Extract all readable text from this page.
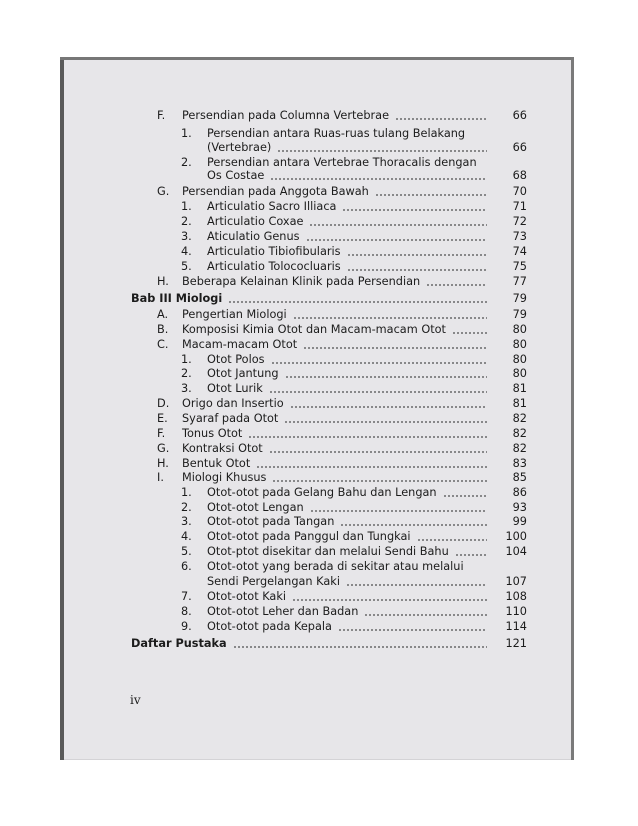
F. Persendian pada Columna Vertebrae	66
1. Persendian antara Ruas-ruas tulang Belakang
(Vertebrae)	66
2. Persendian antara Vertebrae Thoracalis dengan
Os Costae	68
G. Persendian pada Anggota Bawah	70
1. Articulatio Sacro Illiaca	71
2. Articulatio Coxae	72
3. Aticulatio Genus	73
4. Articulatio Tibiofibularis	74
5. Articulatio Tolococluaris	75
H. Beberapa Kelainan Klinik pada Persendian	77
Bab III Miologi	79
A. Pengertian Miologi	79
B. Komposisi Kimia Otot dan Macam-macam Otot	80
C. Macam-macam Otot	80
1. Otot Polos	80
2. Otot Jantung	80
3. Otot Lurik	81
D. Origo dan Insertio	81
E. Syaraf pada Otot	82
F. Tonus Otot	82
G. Kontraksi Otot	82
H. Bentuk Otot	83
I. Miologi Khusus	85
1. Otot-otot pada Gelang Bahu dan Lengan	86
2. Otot-otot Lengan	93
3. Otot-otot pada Tangan	99
4. Otot-otot pada Panggul dan Tungkai	100
5. Otot-ptot disekitar dan melalui Sendi Bahu	104
6. Otot-otot yang berada di sekitar atau melalui
Sendi Pergelangan Kaki	107
7. Otot-otot Kaki	108
8. Otot-otot Leher dan Badan	110
9. Otot-otot pada Kepala	114
Daftar Pustaka	121
iv
